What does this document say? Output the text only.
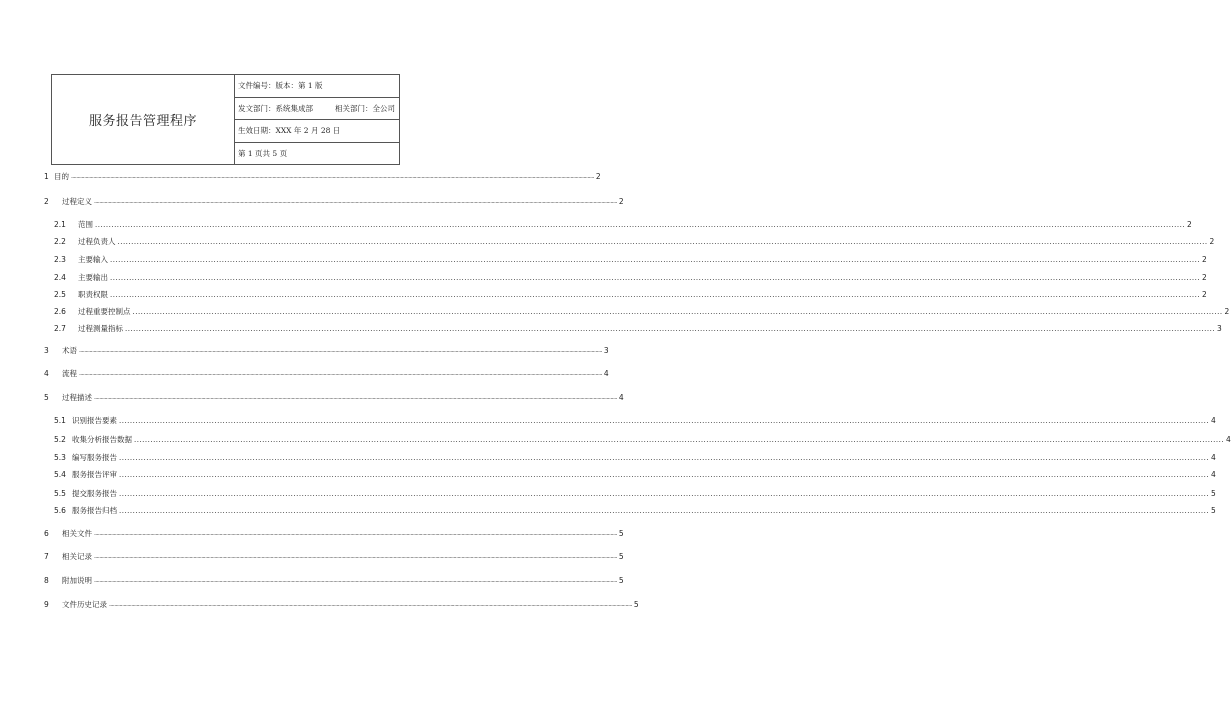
服务报告管理程序
文件编号：版本：第 1 版
发文部门：系统集成部	相关部门：全公司
生效日期：XXX 年 2 月 28 日
第 1 页共 5 页
1 目的 ................................................................................................................................................................................................................................................................................................................................................................................................................ 2
2	过程定义 ................................................................................................................................................................................................................................................................................................................................................................................................................ 2
2.1	范围 ................................................................................................................................................................................................................................................................................................................................................................................................................ 2
2.2	过程负责人 ................................................................................................................................................................................................................................................................................................................................................................................................................ 2
2.3	主要输入 ................................................................................................................................................................................................................................................................................................................................................................................................................ 2
2.4	主要输出 ................................................................................................................................................................................................................................................................................................................................................................................................................ 2
2.5	职责权限 ................................................................................................................................................................................................................................................................................................................................................................................................................ 2
2.6	过程重要控制点 ................................................................................................................................................................................................................................................................................................................................................................................................................ 2
2.7	过程测量指标 ................................................................................................................................................................................................................................................................................................................................................................................................................ 3
3	术语 ................................................................................................................................................................................................................................................................................................................................................................................................................ 3
4	流程 ................................................................................................................................................................................................................................................................................................................................................................................................................ 4
5	过程描述 ................................................................................................................................................................................................................................................................................................................................................................................................................ 4
5.1 识别报告要素 ................................................................................................................................................................................................................................................................................................................................................................................................................ 4
5.2 收集分析报告数据 ................................................................................................................................................................................................................................................................................................................................................................................................................ 4
5.3 编写服务报告 ................................................................................................................................................................................................................................................................................................................................................................................................................ 4
5.4 服务报告评审 ................................................................................................................................................................................................................................................................................................................................................................................................................ 4
5.5 提交服务报告 ................................................................................................................................................................................................................................................................................................................................................................................................................ 5
5.6 服务报告归档 ................................................................................................................................................................................................................................................................................................................................................................................................................ 5
6	相关文件 ................................................................................................................................................................................................................................................................................................................................................................................................................ 5
7	相关记录 ................................................................................................................................................................................................................................................................................................................................................................................................................ 5
8	附加说明 ................................................................................................................................................................................................................................................................................................................................................................................................................ 5
9	文件历史记录 ................................................................................................................................................................................................................................................................................................................................................................................................................ 5
